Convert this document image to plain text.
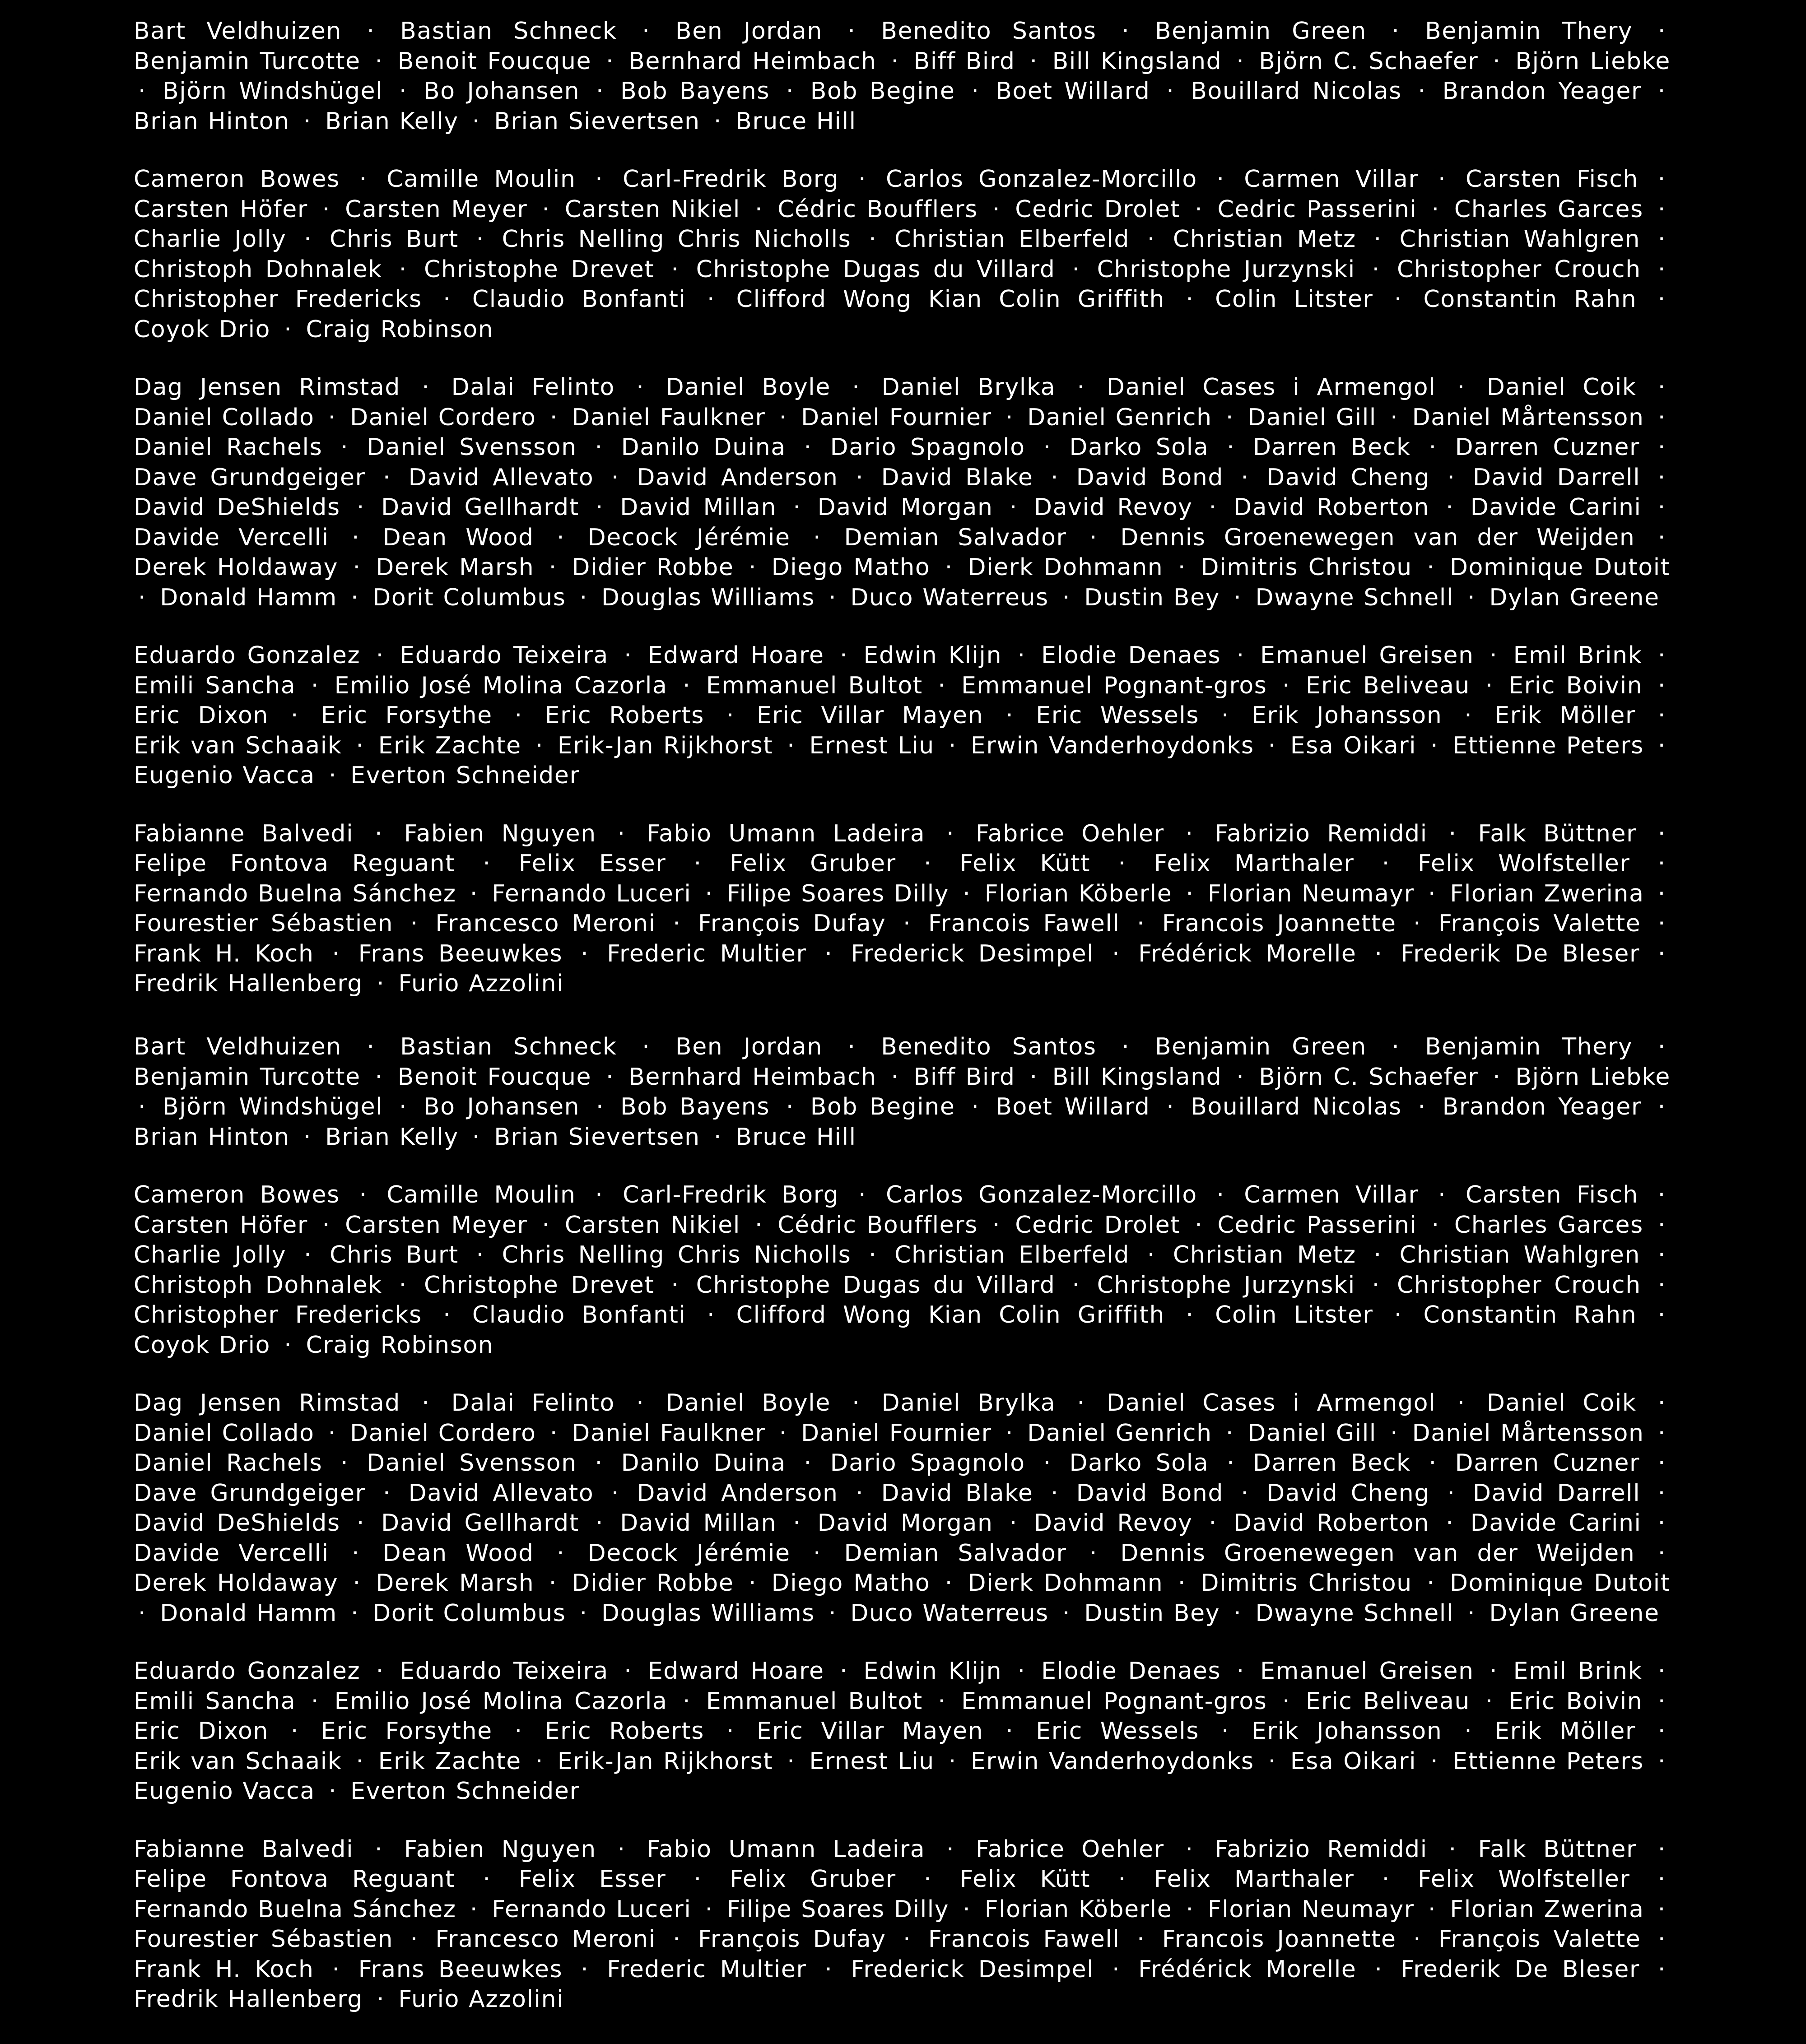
Bart Veldhuizen · Bastian Schneck · Ben Jordan · Benedito Santos · Benjamin Green · Benjamin Thery · Benjamin Turcotte · Benoit Foucque · Bernhard Heimbach · Biff Bird · Bill Kingsland · Björn C. Schaefer · Björn Liebke · Björn Windshügel · Bo Johansen · Bob Bayens · Bob Begine · Boet Willard · Bouillard Nicolas · Brandon Yeager · Brian Hinton · Brian Kelly · Brian Sievertsen · Bruce Hill

Cameron Bowes · Camille Moulin · Carl-Fredrik Borg · Carlos Gonzalez-Morcillo · Carmen Villar · Carsten Fisch · Carsten Höfer · Carsten Meyer · Carsten Nikiel · Cédric Boufflers · Cedric Drolet · Cedric Passerini · Charles Garces · Charlie Jolly · Chris Burt · Chris Nelling Chris Nicholls · Christian Elberfeld · Christian Metz · Christian Wahlgren · Christoph Dohnalek · Christophe Drevet · Christophe Dugas du Villard · Christophe Jurzynski · Christopher Crouch · Christopher Fredericks · Claudio Bonfanti · Clifford Wong Kian Colin Griffith · Colin Litster · Constantin Rahn · Coyok Drio · Craig Robinson

Dag Jensen Rimstad · Dalai Felinto · Daniel Boyle · Daniel Brylka · Daniel Cases i Armengol · Daniel Coik · Daniel Collado · Daniel Cordero · Daniel Faulkner · Daniel Fournier · Daniel Genrich · Daniel Gill · Daniel Mårtensson · Daniel Rachels · Daniel Svensson · Danilo Duina · Dario Spagnolo · Darko Sola · Darren Beck · Darren Cuzner · Dave Grundgeiger · David Allevato · David Anderson · David Blake · David Bond · David Cheng · David Darrell · David DeShields · David Gellhardt · David Millan · David Morgan · David Revoy · David Roberton · Davide Carini · Davide Vercelli · Dean Wood · Decock Jérémie · Demian Salvador · Dennis Groenewegen van der Weijden · Derek Holdaway · Derek Marsh · Didier Robbe · Diego Matho · Dierk Dohmann · Dimitris Christou · Dominique Dutoit · Donald Hamm · Dorit Columbus · Douglas Williams · Duco Waterreus · Dustin Bey · Dwayne Schnell · Dylan Greene

Eduardo Gonzalez · Eduardo Teixeira · Edward Hoare · Edwin Klijn · Elodie Denaes · Emanuel Greisen · Emil Brink · Emili Sancha · Emilio José Molina Cazorla · Emmanuel Bultot · Emmanuel Pognant-gros · Eric Beliveau · Eric Boivin · Eric Dixon · Eric Forsythe · Eric Roberts · Eric Villar Mayen · Eric Wessels · Erik Johansson · Erik Möller · Erik van Schaaik · Erik Zachte · Erik-Jan Rijkhorst · Ernest Liu · Erwin Vanderhoydonks · Esa Oikari · Ettienne Peters · Eugenio Vacca · Everton Schneider

Fabianne Balvedi · Fabien Nguyen · Fabio Umann Ladeira · Fabrice Oehler · Fabrizio Remiddi · Falk Büttner · Felipe Fontova Reguant · Felix Esser · Felix Gruber · Felix Kütt · Felix Marthaler · Felix Wolfsteller · Fernando Buelna Sánchez · Fernando Luceri · Filipe Soares Dilly · Florian Köberle · Florian Neumayr · Florian Zwerina · Fourestier Sébastien · Francesco Meroni · François Dufay · Francois Fawell · Francois Joannette · François Valette · Frank H. Koch · Frans Beeuwkes · Frederic Multier · Frederick Desimpel · Frédérick Morelle · Frederik De Bleser · Fredrik Hallenberg · Furio Azzolini

Bart Veldhuizen · Bastian Schneck · Ben Jordan · Benedito Santos · Benjamin Green · Benjamin Thery · Benjamin Turcotte · Benoit Foucque · Bernhard Heimbach · Biff Bird · Bill Kingsland · Björn C. Schaefer · Björn Liebke · Björn Windshügel · Bo Johansen · Bob Bayens · Bob Begine · Boet Willard · Bouillard Nicolas · Brandon Yeager · Brian Hinton · Brian Kelly · Brian Sievertsen · Bruce Hill

Cameron Bowes · Camille Moulin · Carl-Fredrik Borg · Carlos Gonzalez-Morcillo · Carmen Villar · Carsten Fisch · Carsten Höfer · Carsten Meyer · Carsten Nikiel · Cédric Boufflers · Cedric Drolet · Cedric Passerini · Charles Garces · Charlie Jolly · Chris Burt · Chris Nelling Chris Nicholls · Christian Elberfeld · Christian Metz · Christian Wahlgren · Christoph Dohnalek · Christophe Drevet · Christophe Dugas du Villard · Christophe Jurzynski · Christopher Crouch · Christopher Fredericks · Claudio Bonfanti · Clifford Wong Kian Colin Griffith · Colin Litster · Constantin Rahn · Coyok Drio · Craig Robinson

Dag Jensen Rimstad · Dalai Felinto · Daniel Boyle · Daniel Brylka · Daniel Cases i Armengol · Daniel Coik · Daniel Collado · Daniel Cordero · Daniel Faulkner · Daniel Fournier · Daniel Genrich · Daniel Gill · Daniel Mårtensson · Daniel Rachels · Daniel Svensson · Danilo Duina · Dario Spagnolo · Darko Sola · Darren Beck · Darren Cuzner · Dave Grundgeiger · David Allevato · David Anderson · David Blake · David Bond · David Cheng · David Darrell · David DeShields · David Gellhardt · David Millan · David Morgan · David Revoy · David Roberton · Davide Carini · Davide Vercelli · Dean Wood · Decock Jérémie · Demian Salvador · Dennis Groenewegen van der Weijden · Derek Holdaway · Derek Marsh · Didier Robbe · Diego Matho · Dierk Dohmann · Dimitris Christou · Dominique Dutoit · Donald Hamm · Dorit Columbus · Douglas Williams · Duco Waterreus · Dustin Bey · Dwayne Schnell · Dylan Greene

Eduardo Gonzalez · Eduardo Teixeira · Edward Hoare · Edwin Klijn · Elodie Denaes · Emanuel Greisen · Emil Brink · Emili Sancha · Emilio José Molina Cazorla · Emmanuel Bultot · Emmanuel Pognant-gros · Eric Beliveau · Eric Boivin · Eric Dixon · Eric Forsythe · Eric Roberts · Eric Villar Mayen · Eric Wessels · Erik Johansson · Erik Möller · Erik van Schaaik · Erik Zachte · Erik-Jan Rijkhorst · Ernest Liu · Erwin Vanderhoydonks · Esa Oikari · Ettienne Peters · Eugenio Vacca · Everton Schneider

Fabianne Balvedi · Fabien Nguyen · Fabio Umann Ladeira · Fabrice Oehler · Fabrizio Remiddi · Falk Büttner · Felipe Fontova Reguant · Felix Esser · Felix Gruber · Felix Kütt · Felix Marthaler · Felix Wolfsteller · Fernando Buelna Sánchez · Fernando Luceri · Filipe Soares Dilly · Florian Köberle · Florian Neumayr · Florian Zwerina · Fourestier Sébastien · Francesco Meroni · François Dufay · Francois Fawell · Francois Joannette · François Valette · Frank H. Koch · Frans Beeuwkes · Frederic Multier · Frederick Desimpel · Frédérick Morelle · Frederik De Bleser · Fredrik Hallenberg · Furio Azzolini
